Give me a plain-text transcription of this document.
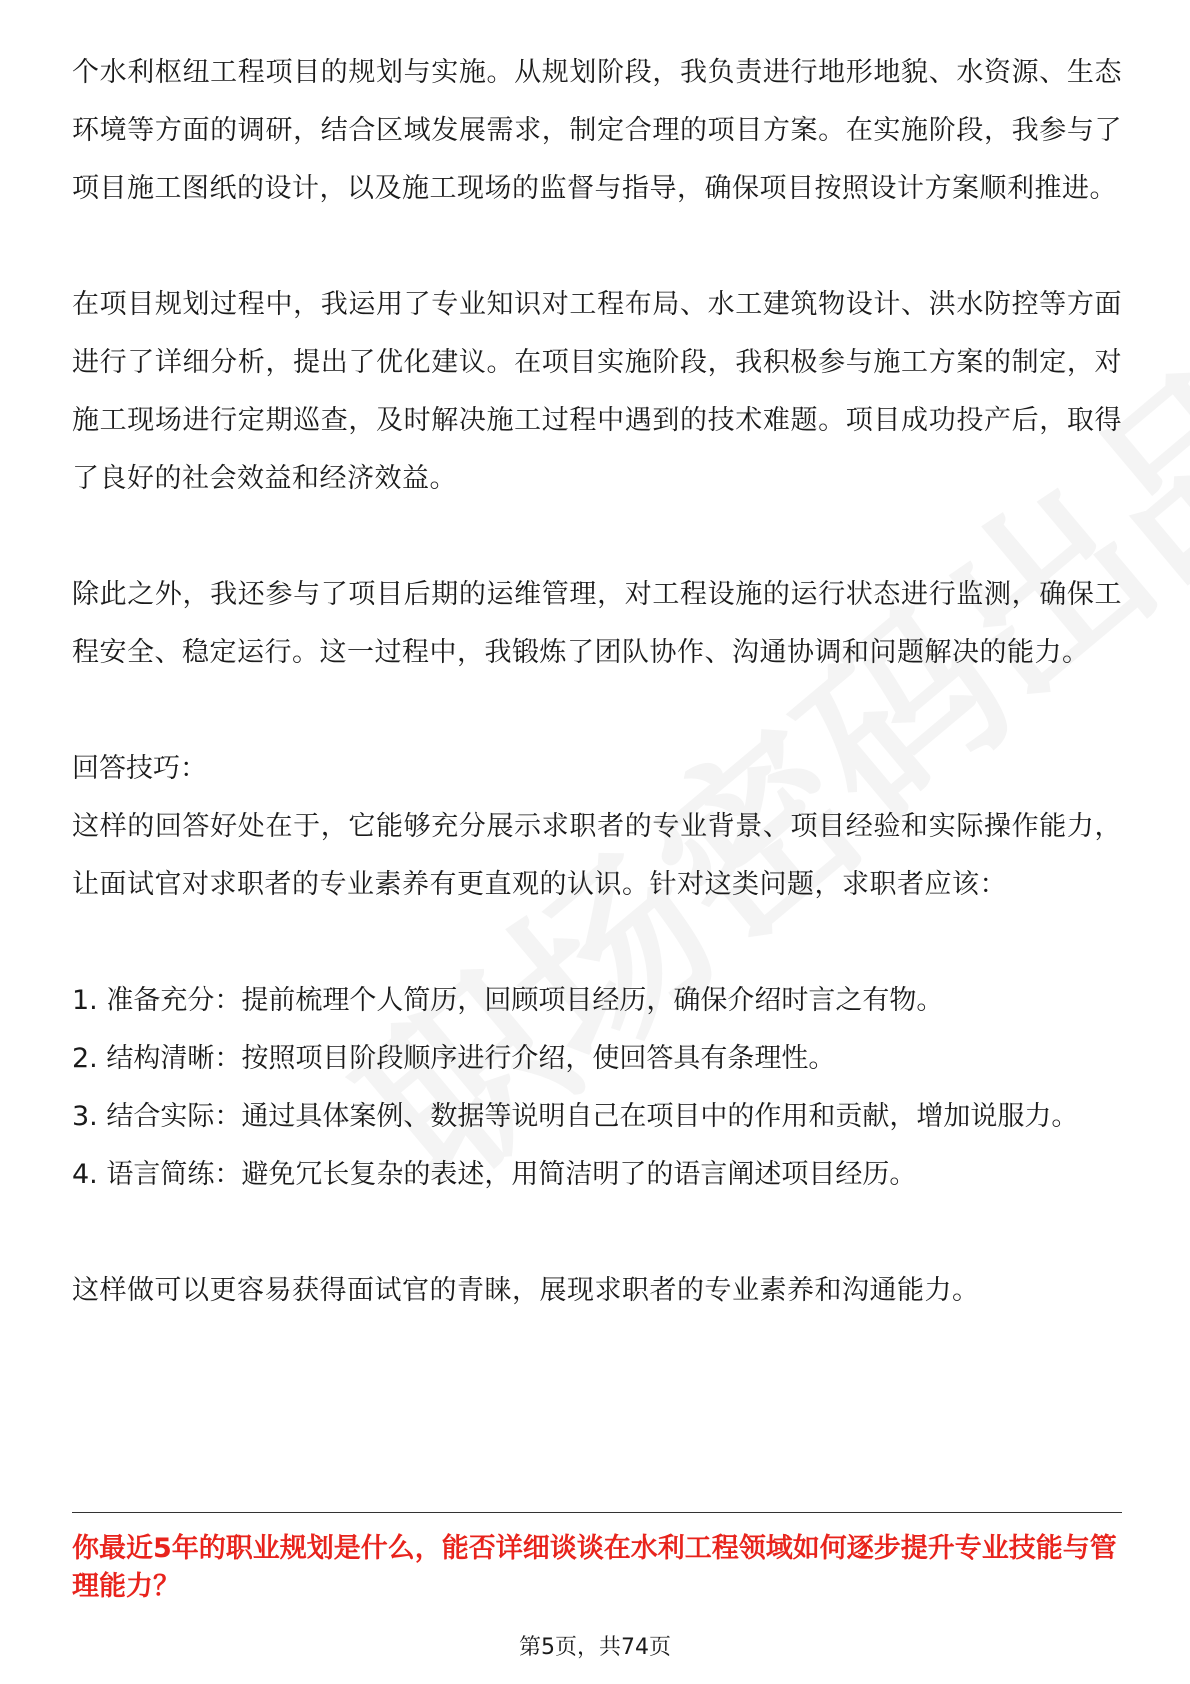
个水利枢纽工程项目的规划与实施。从规划阶段，我负责进行地形地貌、水资源、生态环境等方面的调研，结合区域发展需求，制定合理的项目方案。在实施阶段，我参与了项目施工图纸的设计，以及施工现场的监督与指导，确保项目按照设计方案顺利推进。

在项目规划过程中，我运用了专业知识对工程布局、水工建筑物设计、洪水防控等方面进行了详细分析，提出了优化建议。在项目实施阶段，我积极参与施工方案的制定，对施工现场进行定期巡查，及时解决施工过程中遇到的技术难题。项目成功投产后，取得了良好的社会效益和经济效益。

除此之外，我还参与了项目后期的运维管理，对工程设施的运行状态进行监测，确保工程安全、稳定运行。这一过程中，我锻炼了团队协作、沟通协调和问题解决的能力。

回答技巧：

这样的回答好处在于，它能够充分展示求职者的专业背景、项目经验和实际操作能力，让面试官对求职者的专业素养有更直观的认识。针对这类问题，求职者应该：

1. 准备充分：提前梳理个人简历，回顾项目经历，确保介绍时言之有物。

2. 结构清晰：按照项目阶段顺序进行介绍，使回答具有条理性。

3. 结合实际：通过具体案例、数据等说明自己在项目中的作用和贡献，增加说服力。

4. 语言简练：避免冗长复杂的表述，用简洁明了的语言阐述项目经历。

这样做可以更容易获得面试官的青睐，展现求职者的专业素养和沟通能力。

你最近5年的职业规划是什么，能否详细谈谈在水利工程领域如何逐步提升专业技能与管理能力？

第5页，共74页
